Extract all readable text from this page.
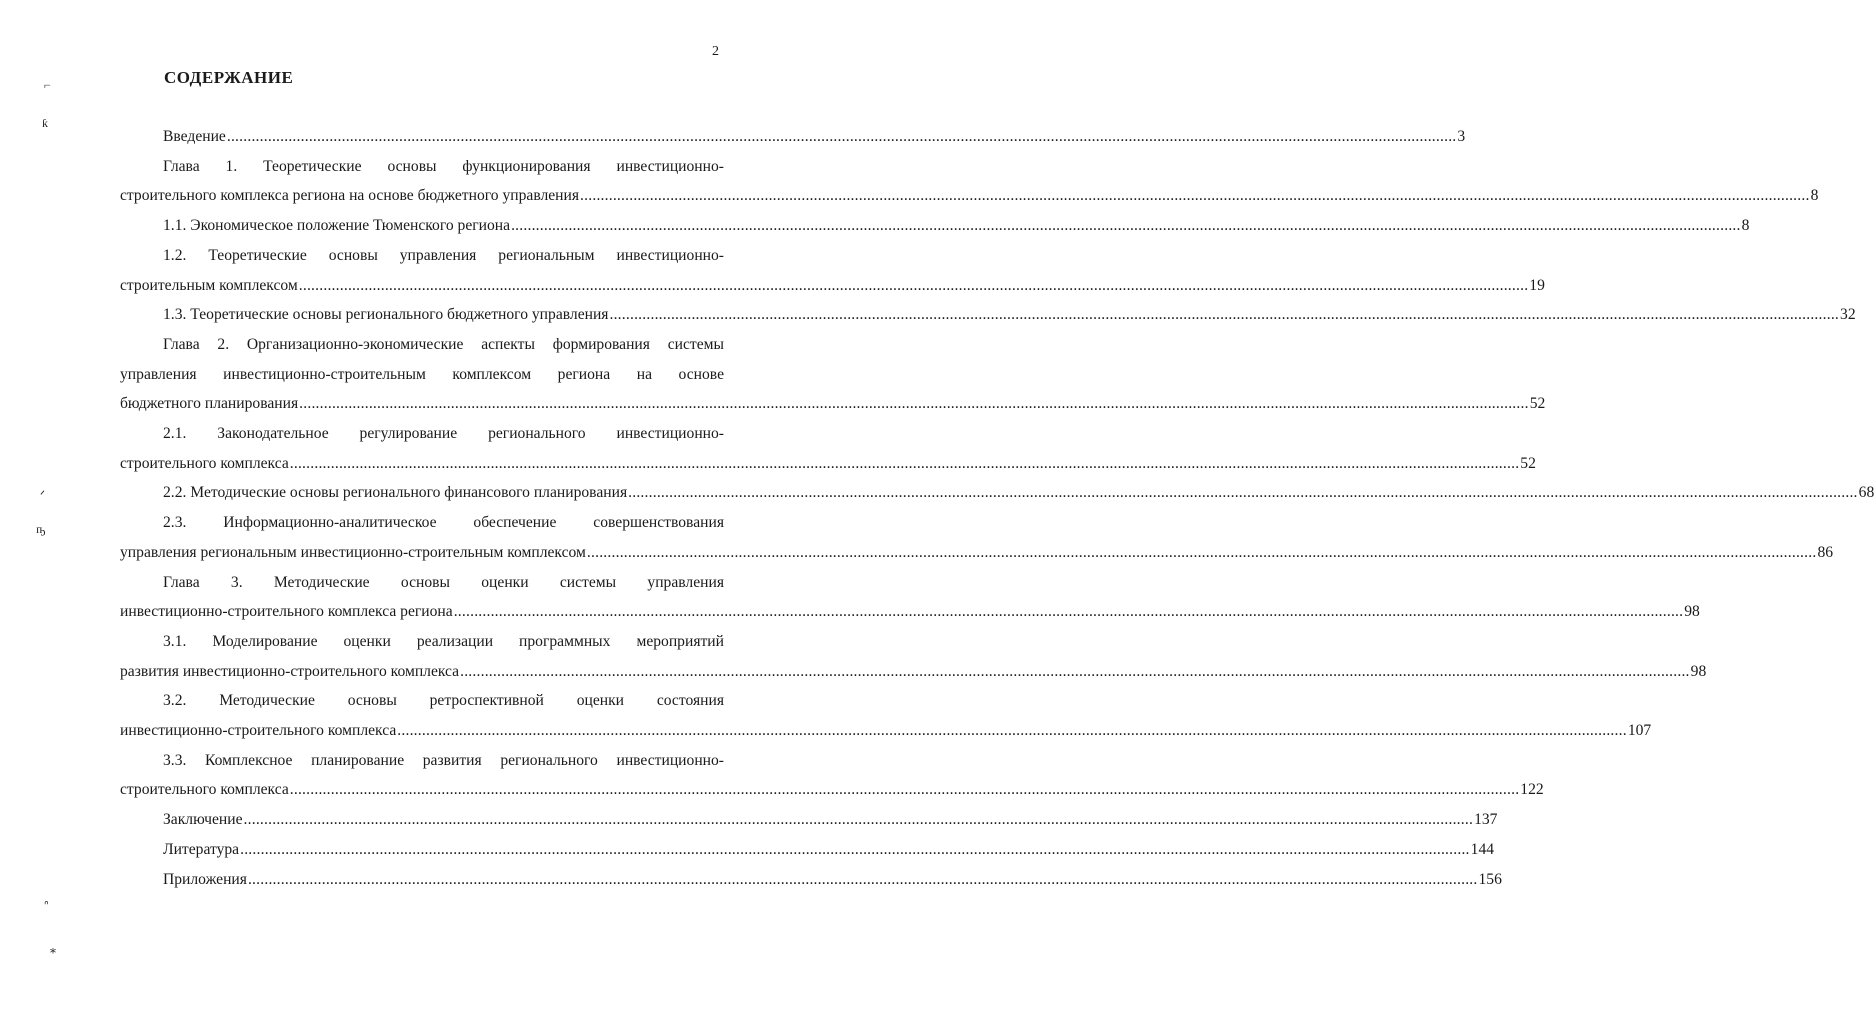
2
СОДЕРЖАНИЕ
Введение ............................................................................................................................................................................................................................................................................................................ 3
Глава 1. Теоретические основы функционирования инвестиционно-
строительного комплекса региона на основе бюджетного управления ............................................................................................................................................................................................................................................................................................................ 8
1.1. Экономическое положение Тюменского региона ............................................................................................................................................................................................................................................................................................................ 8
1.2. Теоретические основы управления региональным инвестиционно-
строительным комплексом ............................................................................................................................................................................................................................................................................................................ 19
1.3. Теоретические основы регионального бюджетного управления ............................................................................................................................................................................................................................................................................................................ 32
Глава 2. Организационно-экономические аспекты формирования системы
управления инвестиционно-строительным комплексом региона на основе
бюджетного планирования ............................................................................................................................................................................................................................................................................................................ 52
2.1. Законодательное регулирование регионального инвестиционно-
строительного комплекса ............................................................................................................................................................................................................................................................................................................ 52
2.2. Методические основы регионального финансового планирования ............................................................................................................................................................................................................................................................................................................ 68
2.3. Информационно-аналитическое обеспечение совершенствования
управления региональным инвестиционно-строительным комплексом ............................................................................................................................................................................................................................................................................................................ 86
Глава 3. Методические основы оценки системы управления
инвестиционно-строительного комплекса региона ............................................................................................................................................................................................................................................................................................................ 98
3.1. Моделирование оценки реализации программных мероприятий
развития инвестиционно-строительного комплекса ............................................................................................................................................................................................................................................................................................................ 98
3.2. Методические основы ретроспективной оценки состояния
инвестиционно-строительного комплекса ............................................................................................................................................................................................................................................................................................................ 107
3.3. Комплексное планирование развития регионального инвестиционно-
строительного комплекса ............................................................................................................................................................................................................................................................................................................ 122
Заключение ............................................................................................................................................................................................................................................................................................................ 137
Литература ............................................................................................................................................................................................................................................................................................................ 144
Приложения ............................................................................................................................................................................................................................................................................................................ 156
⌐
ƙ
ᐟ
ҧ
ᐢ
⁎
